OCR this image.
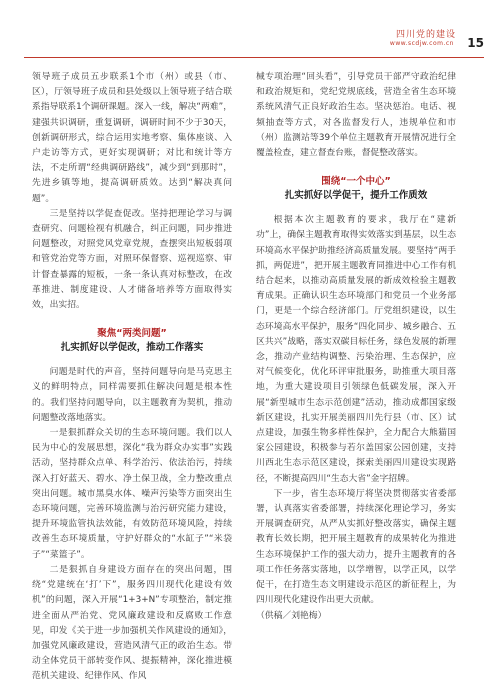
四川党的建设
www.scdjw.com.cn 15

领导班子成员五步联系1个市（州）或县（市、区），厅领导班子成员和县处级以上领导班子结合联系指导联系1个调研课题。深入一线，解决“两难”，建强共识调研，重复调研，调研时间不少于30天，创新调研形式，综合运用实地考察、集体座谈、入户走访等方式，更好实现调研；对比和统计等方法，不走所谓“经典调研路线”，减少到“到那时”，先进乡镇等地，提高调研质效。达到“解决真问题”。

三是坚持以学促查促改。坚持把理论学习与调查研究、问题检视有机融合，纠正问题，同步推进问题整改，对照党风党章党规，查摆突出短板弱项和管党治党等方面，对照环保督察、巡视巡察、审计督查暴露的短板，一条一条认真对标整改，在改革推进、制度建设、人才储备培养等方面取得实效，出实招。

聚焦“两类问题”
扎实抓好以学促改，推动工作落实

问题是时代的声音，坚持问题导向是马克思主义的鲜明特点，同样需要抓住解决问题是根本性的。我们坚持问题导向，以主题教育为契机，推动问题整改落地落实。

一是狠抓群众关切的生态环境问题。我们以人民为中心的发展思想，深化“我为群众办实事”实践活动，坚持群众点单、科学治污、依法治污，持续深入打好蓝天、碧水、净土保卫战，全力整改重点突出问题。城市黑臭水体、噪声污染等方面突出生态环境问题，完善环境监测与治污研究能力建设，提升环境监管执法效能，有效防范环境风险，持续改善生态环境质量，守护好群众的“水缸子”“米袋子”“菜篮子”。

二是狠抓自身建设方面存在的突出问题，围绕“党建统在‘打’下”，服务四川现代化建设有效机”的问题，深入开展“1+3+N”专项整治，制定推进全面从严治党、党风廉政建设和反腐败工作意见，印发《关于进一步加强机关作风建设的通知》，加强党风廉政建设，营造风清气正的政治生态。带动全体党员干部转变作风、提振精神，深化推进模范机关建设、纪律作风、作风

械专项治理“回头看”，引导党员干部严守政治纪律和政治规矩和，党纪党规底线，营造全省生态环境系统风清气正良好政治生态。坚决惩治。电话、视频抽查等方式，对各监督发行人，违规单位和市（州）监测站等39个单位主题教育开展情况进行全覆盖检查，建立督查台账，督促整改落实。

围绕“一个中心”
扎实抓好以学促干，提升工作质效

根据本次主题教育的要求，我厅在“建新功”上，确保主题教育取得实效落实到基层，以生态环境高水平保护助推经济高质量发展。要坚持“两手抓，两促进”，把开展主题教育同推进中心工作有机结合起来，以推动高质量发展的新成效检验主题教育成果。正确认识生态环境部门和党员一个业务部门，更是一个综合经济部门。厅党组织建设，以生态环境高水平保护，服务“四化同步、城乡融合、五区共兴”战略，落实双碳目标任务，绿色发展的新理念，推动产业结构调整、污染治理、生态保护，应对气候变化，优化环评审批服务，助推重大项目落地，为重大建设项目引领绿色低碳发展，深入开展“新型城市生态示范创建”活动，推动成都国家级新区建设，扎实开展美丽四川先行县（市、区）试点建设，加强生物多样性保护，全力配合大熊猫国家公园建设，积极参与若尔盖国家公园创建，支持川西北生态示范区建设，探索美丽四川建设实现路径，不断提高四川“生态大省”金字招牌。

下一步，省生态环境厅将坚决贯彻落实省委部署，认真落实省委部署，持续深化理论学习，务实开展调查研究，从严从实抓好整改落实，确保主题教育长效长期，把开展主题教育的成果转化为推进生态环境保护工作的强大动力，提升主题教育的各项工作任务落实落地，以学增智，以学正风，以学促干，在打造生态文明建设示范区的新征程上，为四川现代化建设作出更大贡献。

（供稿／刘艳梅）
